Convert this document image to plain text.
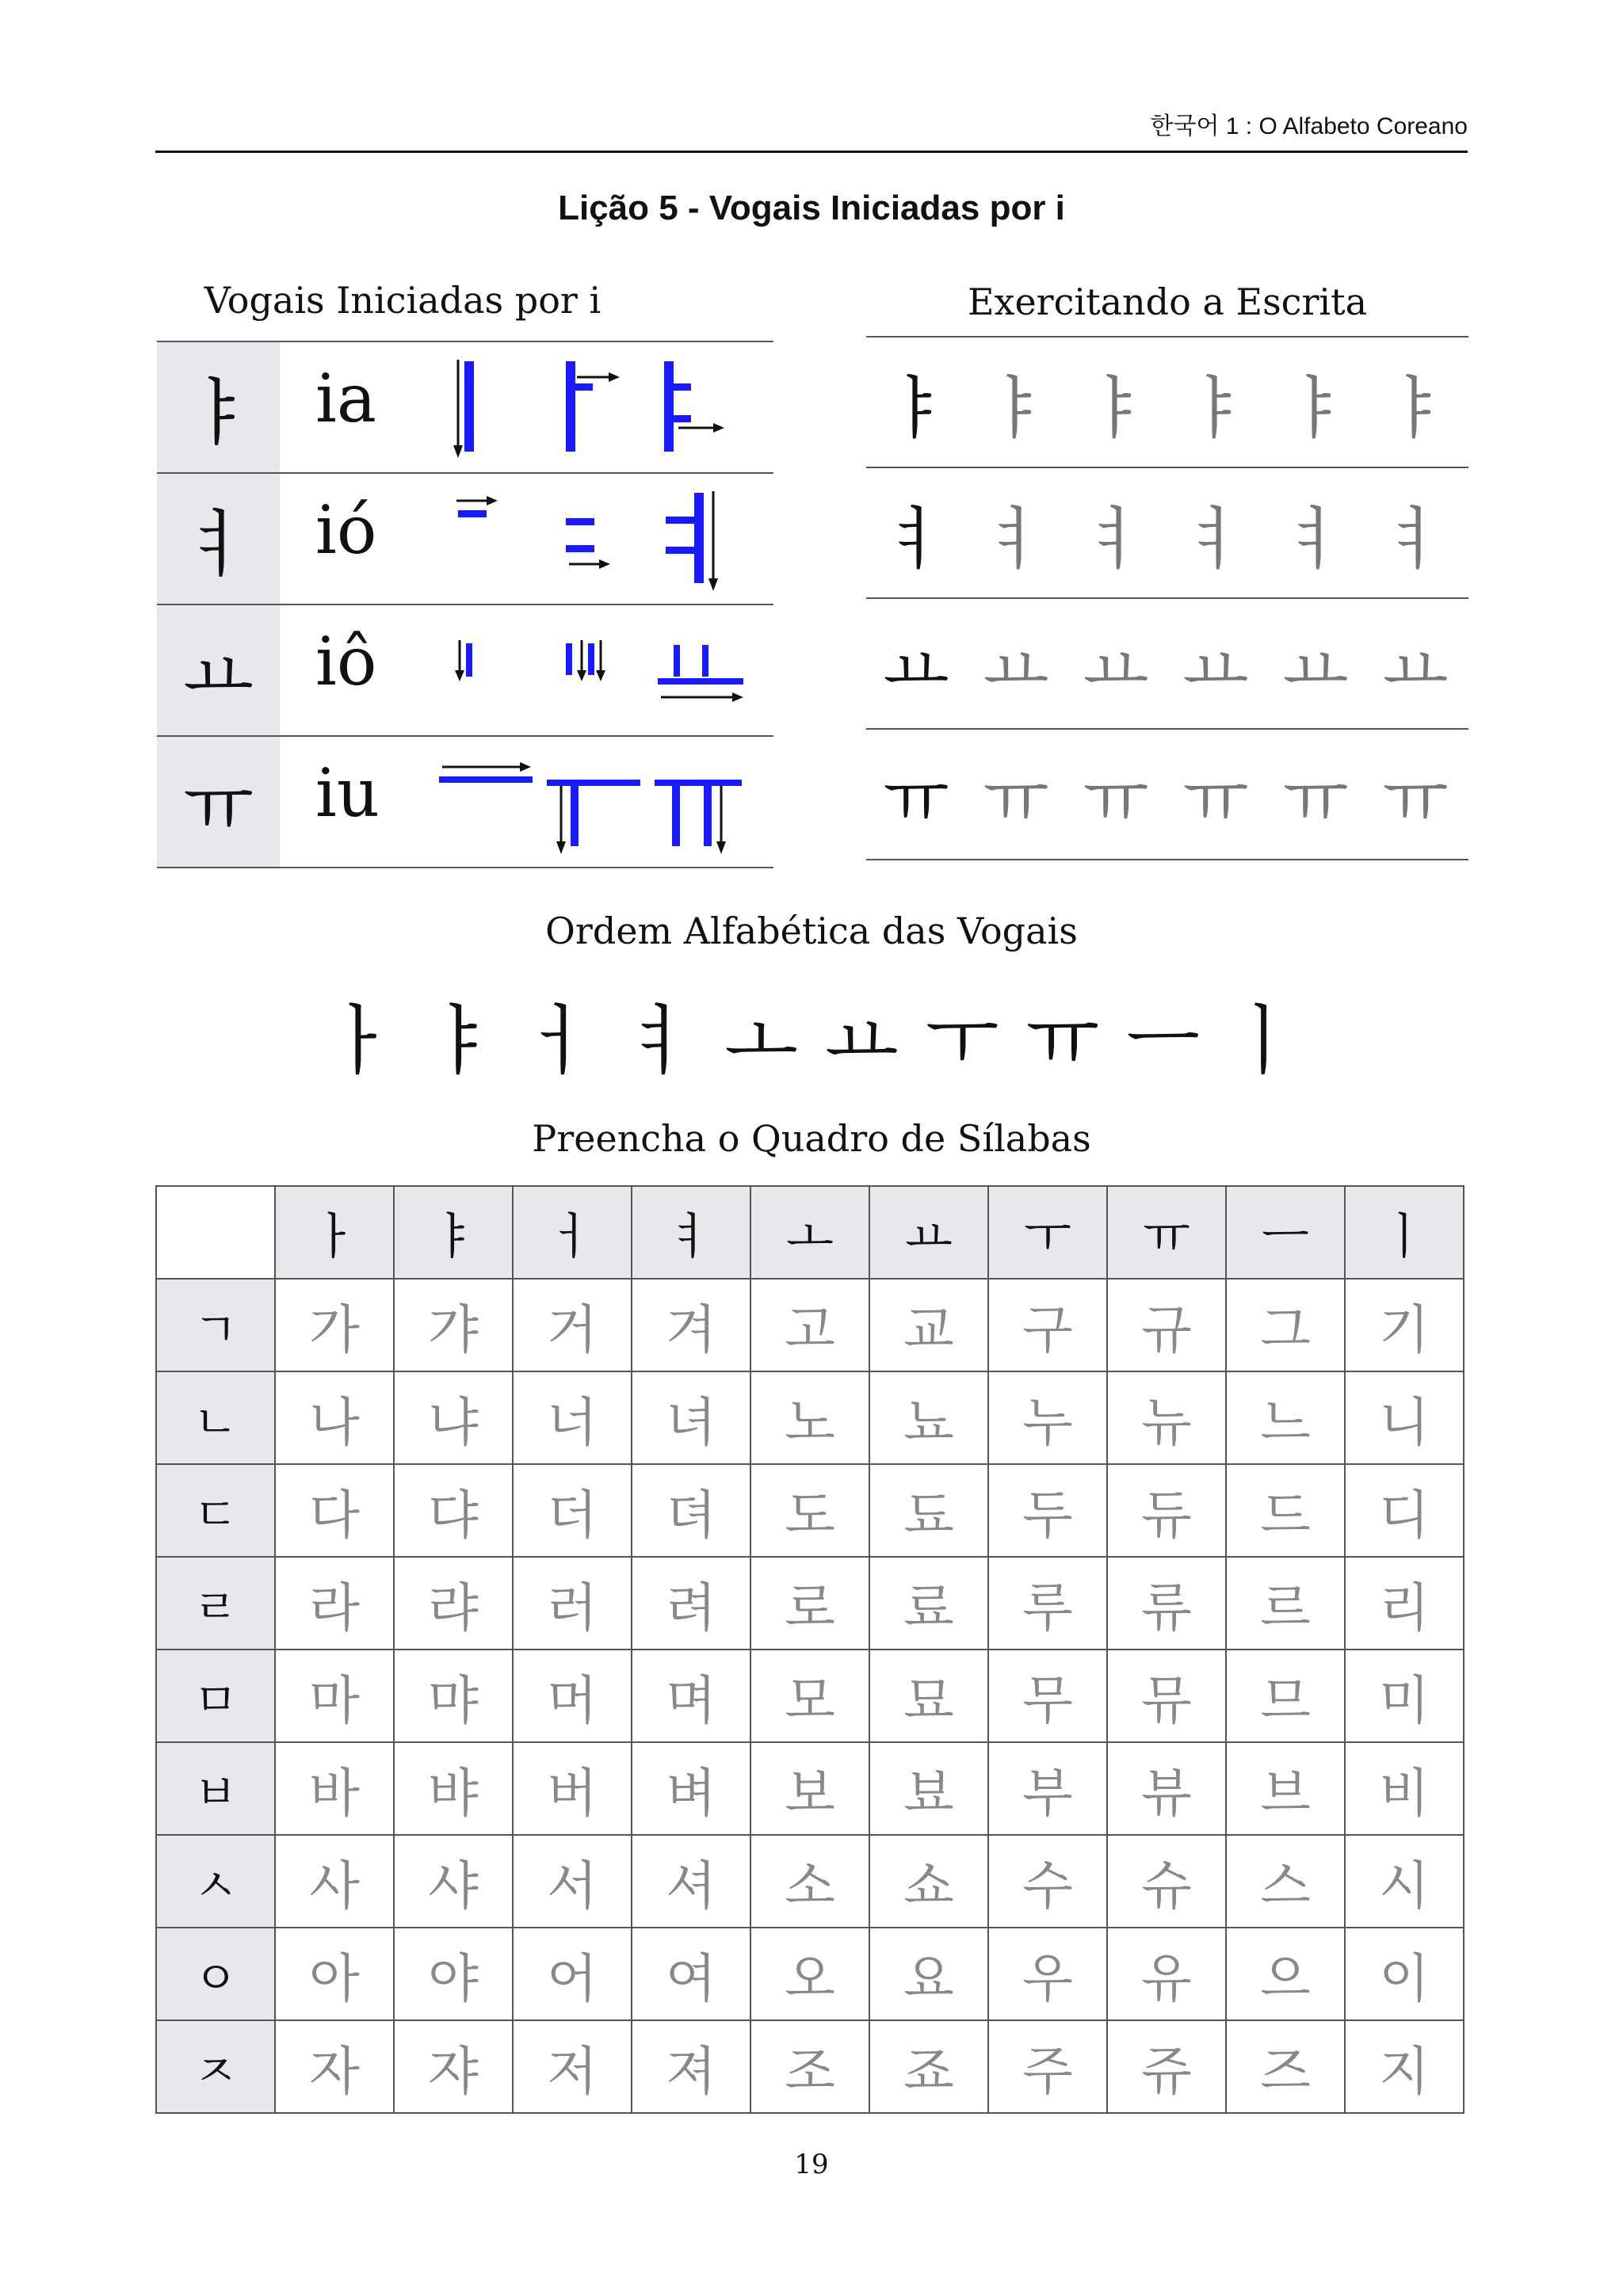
한국어 1 : O Alfabeto Coreano
Lição 5 - Vogais Iniciadas por i
Vogais Iniciadas por i
ㅑ ia
ㅕ ió
ㅛ iô
ㅠ iu
Exercitando a Escrita
ㅑ ㅑ ㅑ ㅑ ㅑ ㅑ
ㅕ ㅕ ㅕ ㅕ ㅕ ㅕ
ㅛ ㅛ ㅛ ㅛ ㅛ ㅛ
ㅠ ㅠ ㅠ ㅠ ㅠ ㅠ
Ordem Alfabética das Vogais
ㅏ ㅑ ㅓ ㅕ ㅗ ㅛ ㅜ ㅠ ㅡ ㅣ
Preencha o Quadro de Sílabas
	ㅏ	ㅑ	ㅓ	ㅕ	ㅗ	ㅛ	ㅜ	ㅠ	ㅡ	ㅣ
ㄱ	가	갸	거	겨	고	교	구	규	그	기
ㄴ	나	냐	너	녀	노	뇨	누	뉴	느	니
ㄷ	다	댜	더	뎌	도	됴	두	듀	드	디
ㄹ	라	랴	러	려	로	료	루	류	르	리
ㅁ	마	먀	머	며	모	묘	무	뮤	므	미
ㅂ	바	뱌	버	벼	보	뵤	부	뷰	브	비
ㅅ	사	샤	서	셔	소	쇼	수	슈	스	시
ㅇ	아	야	어	여	오	요	우	유	으	이
ㅈ	자	쟈	저	져	조	죠	주	쥬	즈	지
19
